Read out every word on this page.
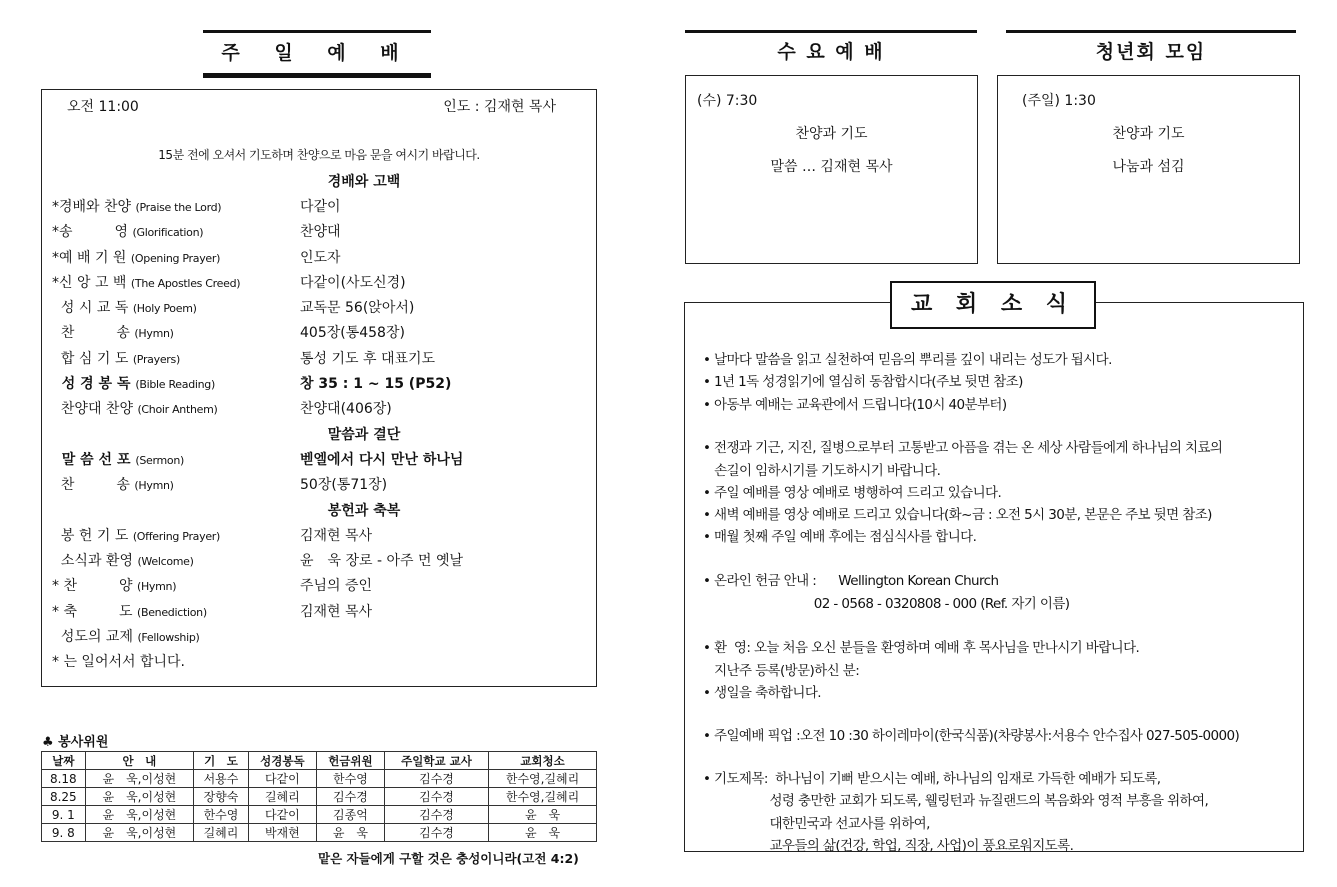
주 일 예 배
오전 11:00	인도 : 김재현 목사
15분 전에 오셔서 기도하며 찬양으로 마음 문을 여시기 바랍니다.
경배와 고백
*경배와 찬양 (Praise the Lord)	다같이
*송　　　영 (Glorification)	찬양대
*예 배 기 원 (Opening Prayer)	인도자
*신 앙 고 백 (The Apostles Creed)	다같이(사도신경)
성 시 교 독 (Holy Poem)	교독문 56(앉아서)
찬　　　송 (Hymn)	405장(통458장)
합 심 기 도 (Prayers)	통성 기도 후 대표기도
성 경 봉 독 (Bible Reading)	창 35 : 1 ~ 15 (P52)
찬양대 찬양 (Choir Anthem)	찬양대(406장)
말씀과 결단
말 씀 선 포 (Sermon)	벧엘에서 다시 만난 하나님
찬　　　송 (Hymn)	50장(통71장)
봉헌과 축복
봉 헌 기 도 (Offering Prayer)	김재현 목사
소식과 환영 (Welcome)	윤　욱 장로 - 아주 먼 옛날
* 찬　　　양 (Hymn)	주님의 증인
* 축　　　도 (Benediction)	김재현 목사
성도의 교제 (Fellowship)
* 는 일어서서 합니다.
♣ 봉사위원
날짜	안　내	기　도	성경봉독	헌금위원	주일학교 교사	교회청소
8.18	윤　욱,이성현	서용수	다같이	한수영	김수경	한수영,길혜리
8.25	윤　욱,이성현	장향숙	길혜리	김수경	김수경	한수영,길혜리
9. 1	윤　욱,이성현	한수영	다같이	김종억	김수경	윤　욱
9. 8	윤　욱,이성현	길혜리	박재현	윤　욱	김수경	윤　욱
맡은 자들에게 구할 것은 충성이니라(고전 4:2)
수 요 예 배
(수) 7:30
찬양과 기도
말씀 … 김재현 목사
청년회 모임
(주일) 1:30
찬양과 기도
나눔과 섬김
• 날마다 말씀을 읽고 실천하여 믿음의 뿌리를 깊이 내리는 성도가 됩시다.
• 1년 1독 성경읽기에 열심히 동참합시다(주보 뒷면 참조)
• 아동부 예배는 교육관에서 드립니다(10시 40분부터)
• 전쟁과 기근, 지진, 질병으로부터 고통받고 아픔을 겪는 온 세상 사람들에게 하나님의 치료의
손길이 임하시기를 기도하시기 바랍니다.
• 주일 예배를 영상 예배로 병행하여 드리고 있습니다.
• 새벽 예배를 영상 예배로 드리고 있습니다(화~금 : 오전 5시 30분, 본문은 주보 뒷면 참조)
• 매월 첫째 주일 예배 후에는 점심식사를 합니다.
• 온라인 헌금 안내 :      Wellington Korean Church
02 - 0568 - 0320808 - 000 (Ref. 자기 이름)
• 환  영: 오늘 처음 오신 분들을 환영하며 예배 후 목사님을 만나시기 바랍니다.
지난주 등록(방문)하신 분:
• 생일을 축하합니다.
• 주일예배 픽업 :오전 10 :30 하이레마이(한국식품)(차량봉사:서용수 안수집사 027-505-0000)
• 기도제목:  하나님이 기뻐 받으시는 예배, 하나님의 임재로 가득한 예배가 되도록,
성령 충만한 교회가 되도록, 웰링턴과 뉴질랜드의 복음화와 영적 부흥을 위하여,
대한민국과 선교사를 위하여,
교우들의 삶(건강, 학업, 직장, 사업)이 풍요로워지도록.
교 회 소 식
